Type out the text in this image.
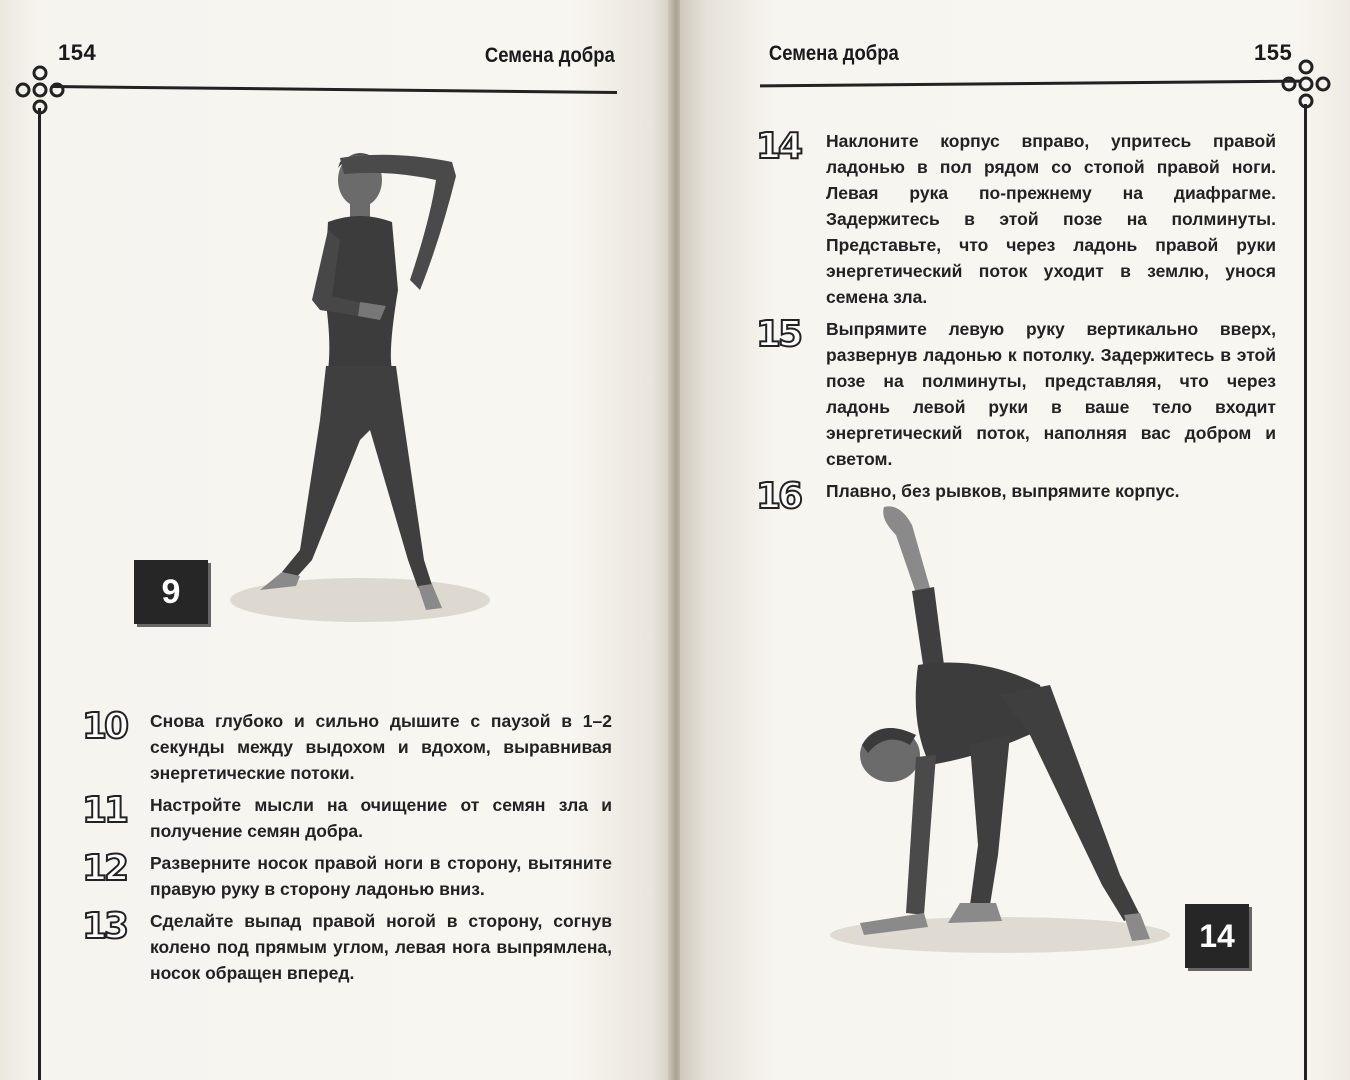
154	Семена добра
9
10	Снова глубоко и сильно дышите с паузой в 1–2 секунды между выдохом и вдохом, выравнивая энергетические потоки.
11	Настройте мысли на очищение от семян зла и получение семян добра.
12	Разверните носок правой ноги в сторону, вытяните правую руку в сторону ладонью вниз.
13	Сделайте выпад правой ногой в сторону, согнув колено под прямым углом, левая нога выпрямлена, носок обращен вперед.
Семена добра	155
14	Наклоните корпус вправо, упритесь правой ладонью в пол рядом со стопой правой ноги. Левая рука по-прежнему на диафрагме. Задержитесь в этой позе на полминуты. Представьте, что через ладонь правой руки энергетический поток уходит в землю, унося семена зла.
15	Выпрямите левую руку вертикально вверх, развернув ладонью к потолку. Задержитесь в этой позе на полминуты, представляя, что через ладонь левой руки в ваше тело входит энергетический поток, наполняя вас добром и светом.
16	Плавно, без рывков, выпрямите корпус.
14
